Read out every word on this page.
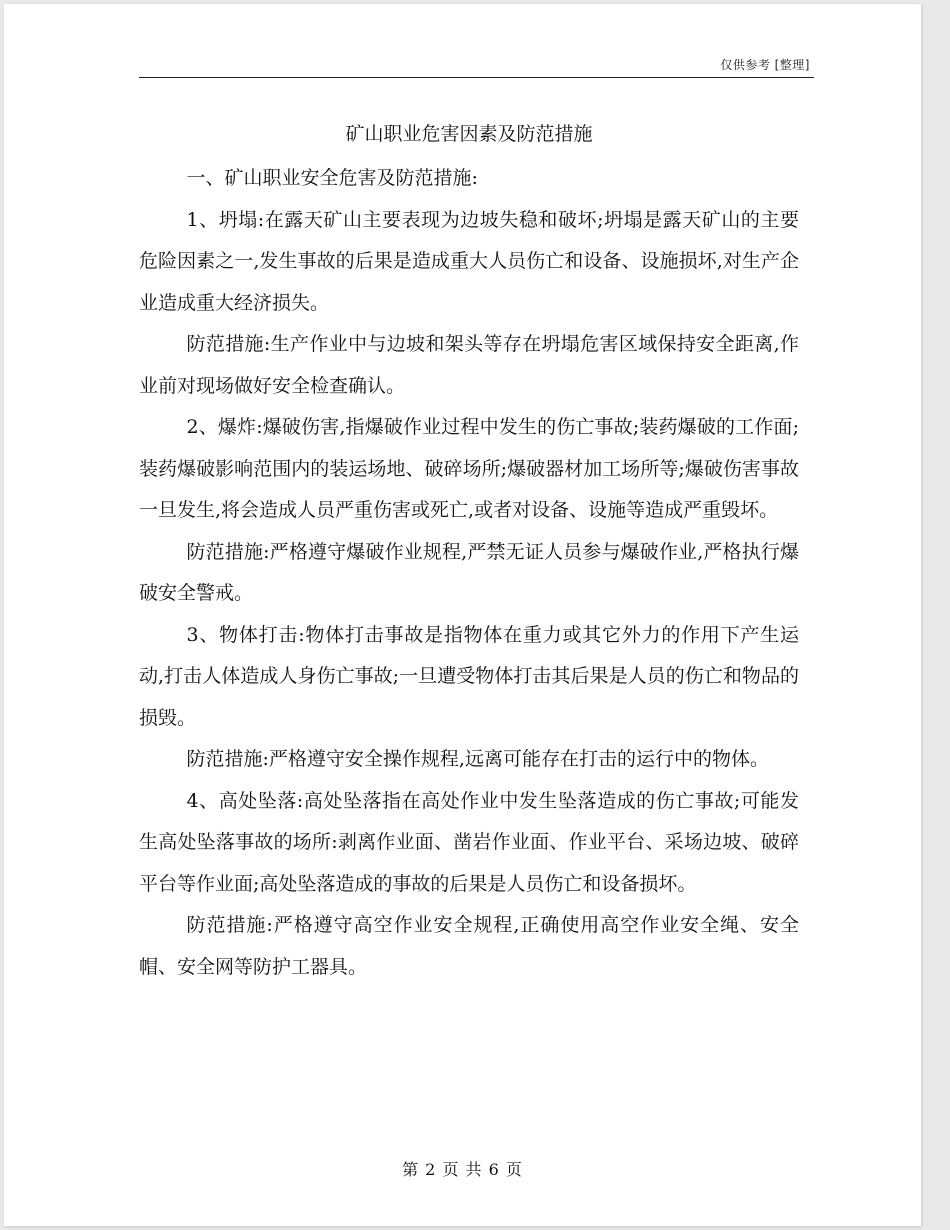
仅供参考 [整理]
矿山职业危害因素及防范措施

一、矿山职业安全危害及防范措施:

1、坍塌:在露天矿山主要表现为边坡失稳和破坏;坍塌是露天矿山的主要危险因素之一,发生事故的后果是造成重大人员伤亡和设备、设施损坏,对生产企业造成重大经济损失。

防范措施:生产作业中与边坡和架头等存在坍塌危害区域保持安全距离,作业前对现场做好安全检查确认。

2、爆炸:爆破伤害,指爆破作业过程中发生的伤亡事故;装药爆破的工作面;装药爆破影响范围内的装运场地、破碎场所;爆破器材加工场所等;爆破伤害事故一旦发生,将会造成人员严重伤害或死亡,或者对设备、设施等造成严重毁坏。

防范措施:严格遵守爆破作业规程,严禁无证人员参与爆破作业,严格执行爆破安全警戒。

3、物体打击:物体打击事故是指物体在重力或其它外力的作用下产生运动,打击人体造成人身伤亡事故;一旦遭受物体打击其后果是人员的伤亡和物品的损毁。

防范措施:严格遵守安全操作规程,远离可能存在打击的运行中的物体。

4、高处坠落:高处坠落指在高处作业中发生坠落造成的伤亡事故;可能发生高处坠落事故的场所:剥离作业面、凿岩作业面、作业平台、采场边坡、破碎平台等作业面;高处坠落造成的事故的后果是人员伤亡和设备损坏。

防范措施:严格遵守高空作业安全规程,正确使用高空作业安全绳、安全帽、安全网等防护工器具。

第 2 页 共 6 页
